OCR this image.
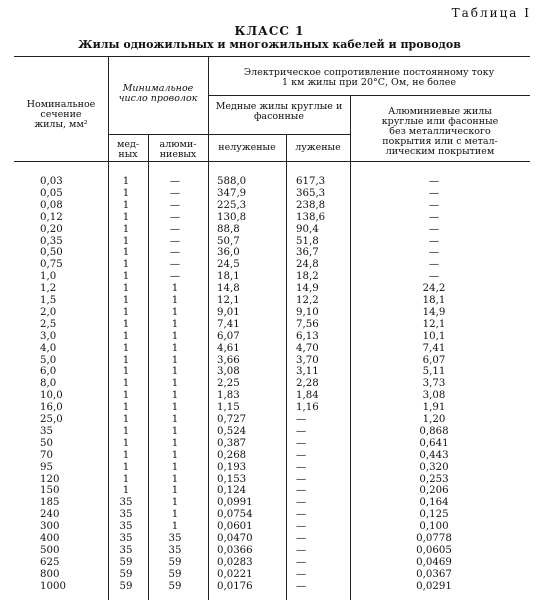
Таблица I
КЛАСС 1
Жилы одножильных и многожильных кабелей и проводов
Номинальное
сечение
жилы, мм²
Минимальное
число проволок
мед-
ных
алюми-
ниевых
Электрическое сопротивление постоянному току
1 км жилы при 20°С, Ом, не более
Медные жилы круглые и
фасонные
нелуженые	луженые
Алюминиевые жилы
круглые или фасонные
без металлического
покрытия или с метал-
лическим покрытием
0,03	1	—	588,0	617,3	—
0,05	1	—	347,9	365,3	—
0,08	1	—	225,3	238,8	—
0,12	1	—	130,8	138,6	—
0,20	1	—	88,8	90,4	—
0,35	1	—	50,7	51,8	—
0,50	1	—	36,0	36,7	—
0,75	1	—	24,5	24,8	—
1,0	1	—	18,1	18,2	—
1,2	1	1	14,8	14,9	24,2
1,5	1	1	12,1	12,2	18,1
2,0	1	1	9,01	9,10	14,9
2,5	1	1	7,41	7,56	12,1
3,0	1	1	6,07	6,13	10,1
4,0	1	1	4,61	4,70	7,41
5,0	1	1	3,66	3,70	6,07
6,0	1	1	3,08	3,11	5,11
8,0	1	1	2,25	2,28	3,73
10,0	1	1	1,83	1,84	3,08
16,0	1	1	1,15	1,16	1,91
25,0	1	1	0,727	—	1,20
35	1	1	0,524	—	0,868
50	1	1	0,387	—	0,641
70	1	1	0,268	—	0,443
95	1	1	0,193	—	0,320
120	1	1	0,153	—	0,253
150	1	1	0,124	—	0,206
185	35	1	0,0991	—	0,164
240	35	1	0,0754	—	0,125
300	35	1	0,0601	—	0,100
400	35	35	0,0470	—	0,0778
500	35	35	0,0366	—	0,0605
625	59	59	0,0283	—	0,0469
800	59	59	0,0221	—	0,0367
1000	59	59	0,0176	—	0,0291
